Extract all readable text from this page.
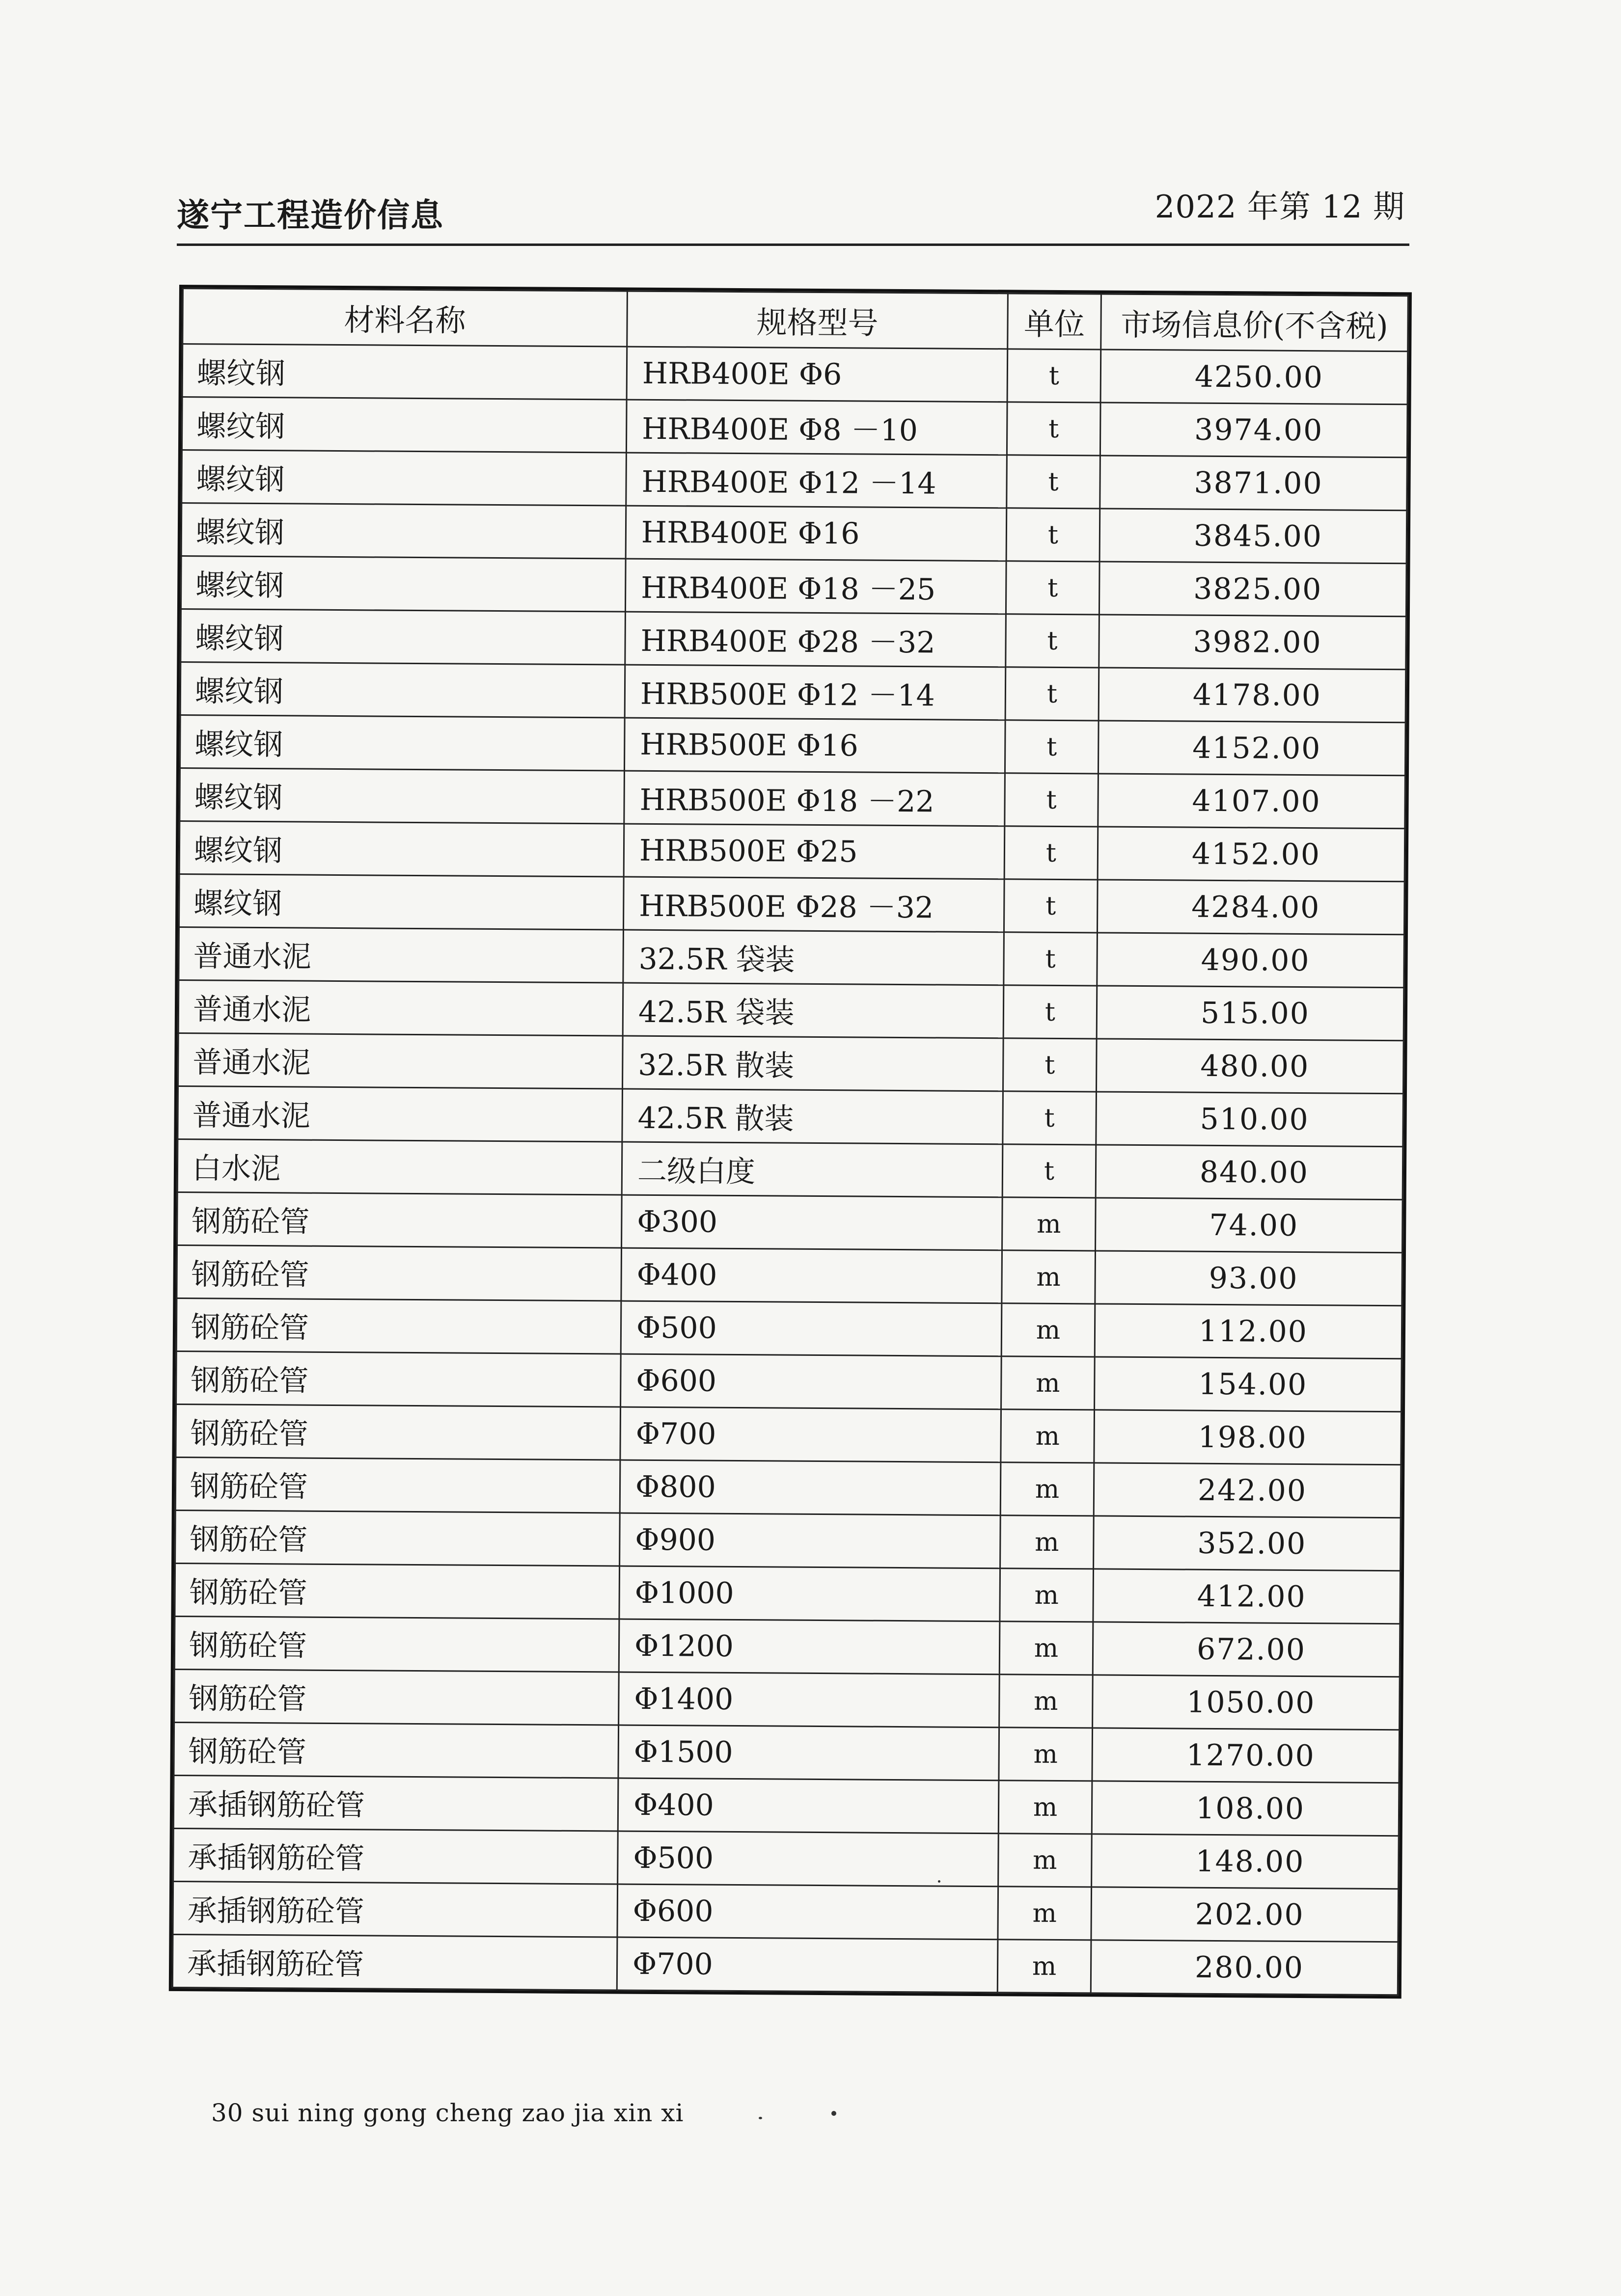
遂宁工程造价信息	2022 年第 12 期
材料名称	规格型号	单位	市场信息价(不含税)
螺纹钢	HRB400E Φ6	t	4250.00
螺纹钢	HRB400E Φ8 －10	t	3974.00
螺纹钢	HRB400E Φ12 －14	t	3871.00
螺纹钢	HRB400E Φ16	t	3845.00
螺纹钢	HRB400E Φ18 －25	t	3825.00
螺纹钢	HRB400E Φ28 －32	t	3982.00
螺纹钢	HRB500E Φ12 －14	t	4178.00
螺纹钢	HRB500E Φ16	t	4152.00
螺纹钢	HRB500E Φ18 －22	t	4107.00
螺纹钢	HRB500E Φ25	t	4152.00
螺纹钢	HRB500E Φ28 －32	t	4284.00
普通水泥	32.5R 袋装	t	490.00
普通水泥	42.5R 袋装	t	515.00
普通水泥	32.5R 散装	t	480.00
普通水泥	42.5R 散装	t	510.00
白水泥	二级白度	t	840.00
钢筋砼管	Φ300	m	74.00
钢筋砼管	Φ400	m	93.00
钢筋砼管	Φ500	m	112.00
钢筋砼管	Φ600	m	154.00
钢筋砼管	Φ700	m	198.00
钢筋砼管	Φ800	m	242.00
钢筋砼管	Φ900	m	352.00
钢筋砼管	Φ1000	m	412.00
钢筋砼管	Φ1200	m	672.00
钢筋砼管	Φ1400	m	1050.00
钢筋砼管	Φ1500	m	1270.00
承插钢筋砼管	Φ400	m	108.00
承插钢筋砼管	Φ500	m	148.00
承插钢筋砼管	Φ600	m	202.00
承插钢筋砼管	Φ700	m	280.00
30 sui ning gong cheng zao jia xin xi
